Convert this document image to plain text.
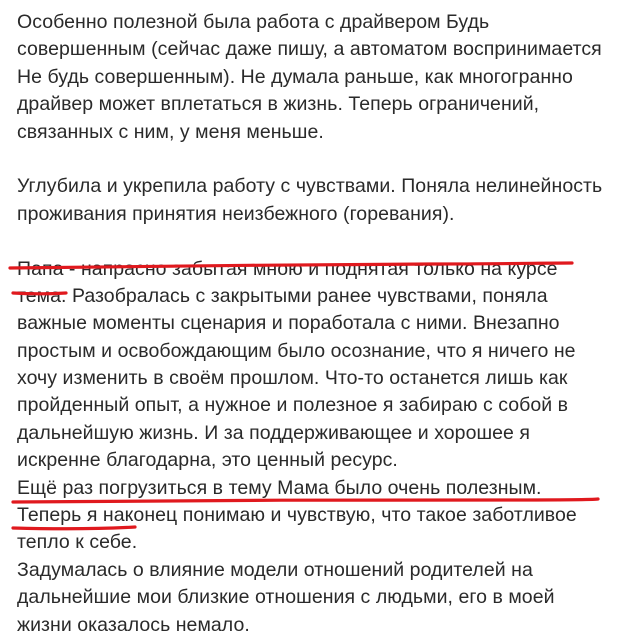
Особенно полезной была работа с драйвером Будь
совершенным (сейчас даже пишу, а автоматом воспринимается
Не будь совершенным). Не думала раньше, как многогранно
драйвер может вплетаться в жизнь. Теперь ограничений,
связанных с ним, у меня меньше.
Углубила и укрепила работу с чувствами. Поняла нелинейность
проживания принятия неизбежного (горевания).
Папа - напрасно забытая мною и поднятая только на курсе
тема. Разобралась с закрытыми ранее чувствами, поняла
важные моменты сценария и поработала с ними. Внезапно
простым и освобождающим было осознание, что я ничего не
хочу изменить в своём прошлом. Что-то останется лишь как
пройденный опыт, а нужное и полезное я забираю с собой в
дальнейшую жизнь. И за поддерживающее и хорошее я
искренне благодарна, это ценный ресурс.
Ещё раз погрузиться в тему Мама было очень полезным.
Теперь я наконец понимаю и чувствую, что такое заботливое
тепло к себе.
Задумалась о влияние модели отношений родителей на
дальнейшие мои близкие отношения с людьми, его в моей
жизни оказалось немало.
